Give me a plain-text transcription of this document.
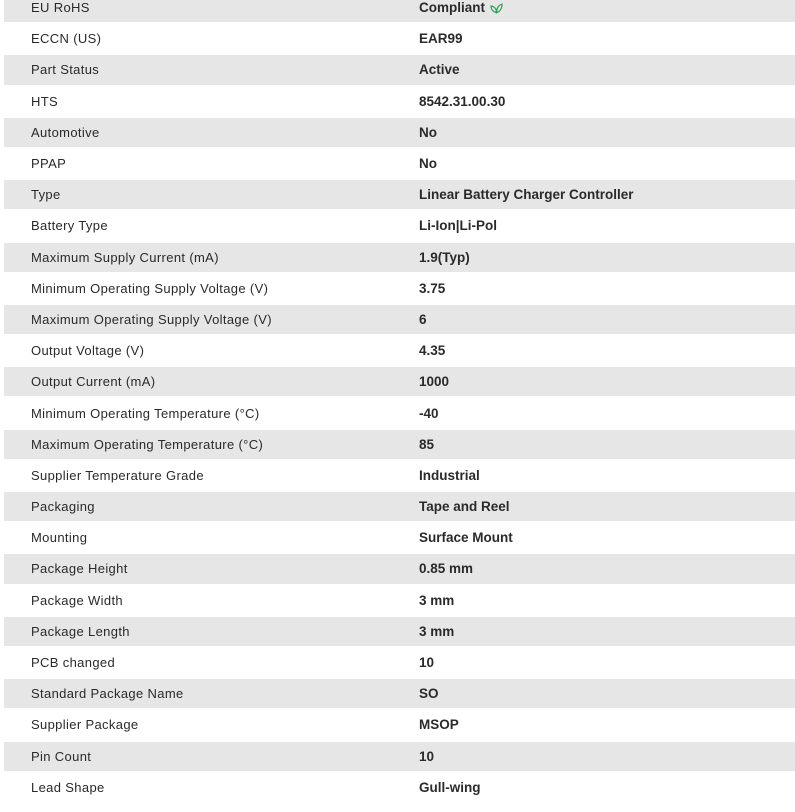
EU RoHS	Compliant
ECCN (US)	EAR99
Part Status	Active
HTS	8542.31.00.30
Automotive	No
PPAP	No
Type	Linear Battery Charger Controller
Battery Type	Li-Ion|Li-Pol
Maximum Supply Current (mA)	1.9(Typ)
Minimum Operating Supply Voltage (V)	3.75
Maximum Operating Supply Voltage (V)	6
Output Voltage (V)	4.35
Output Current (mA)	1000
Minimum Operating Temperature (°C)	-40
Maximum Operating Temperature (°C)	85
Supplier Temperature Grade	Industrial
Packaging	Tape and Reel
Mounting	Surface Mount
Package Height	0.85 mm
Package Width	3 mm
Package Length	3 mm
PCB changed	10
Standard Package Name	SO
Supplier Package	MSOP
Pin Count	10
Lead Shape	Gull-wing
